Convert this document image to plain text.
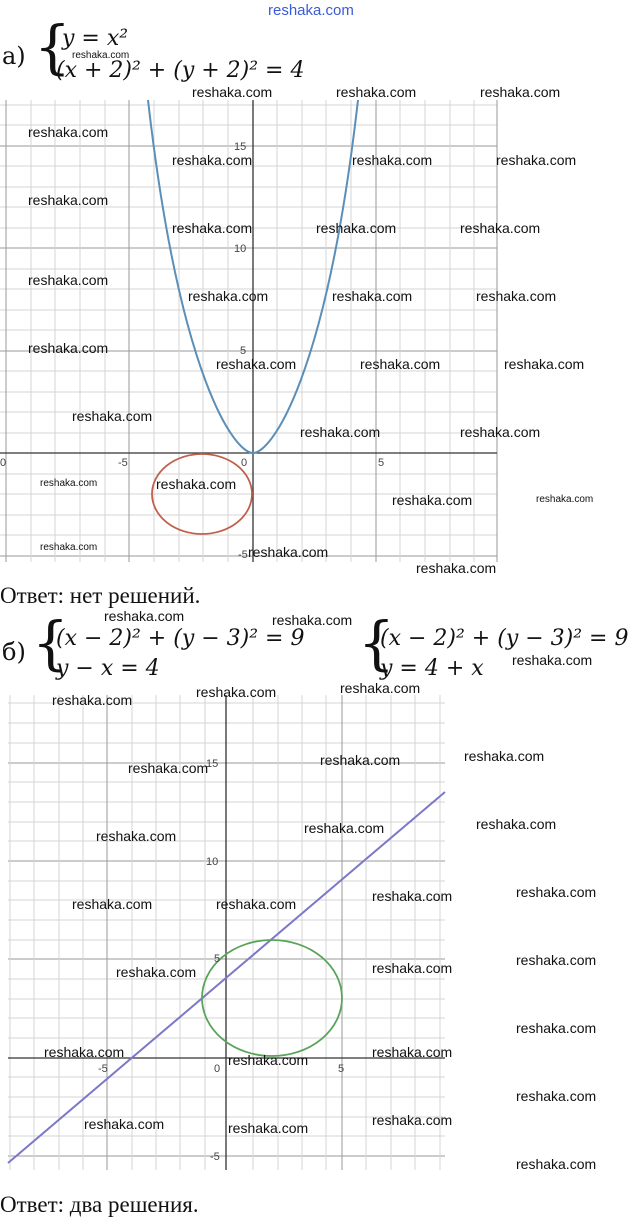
reshaka.com
а) {
y = x²
(x + 2)² + (y + 2)² = 4
0	-5	0	5
15
10
5
-5
Ответ: нет решений.
б) {
(x − 2)² + (y − 3)² = 9
y − x = 4	{
(x − 2)² + (y − 3)² = 9
y = 4 + x
-5	0	5
15
10
5
-5
Ответ: два решения.
reshaka.com
reshaka.com	reshaka.com	reshaka.com
reshaka.com
reshaka.com	reshaka.com	reshaka.com
reshaka.com
reshaka.com	reshaka.com	reshaka.com
reshaka.com
reshaka.com	reshaka.com	reshaka.com
reshaka.com
reshaka.com	reshaka.com	reshaka.com
reshaka.com
reshaka.com	reshaka.com
reshaka.com	reshaka.com
reshaka.com	reshaka.com
reshaka.com	reshaka.com
reshaka.com
reshaka.com	reshaka.com
reshaka.com
reshaka.com	reshaka.com
reshaka.com
reshaka.com
reshaka.com
reshaka.com
reshaka.com
reshaka.com
reshaka.com
reshaka.com
reshaka.com
reshaka.com	reshaka.com
reshaka.com
reshaka.com
reshaka.com
reshaka.com
reshaka.com	reshaka.com
reshaka.com
reshaka.com
reshaka.com
reshaka.com	reshaka.com
reshaka.com
